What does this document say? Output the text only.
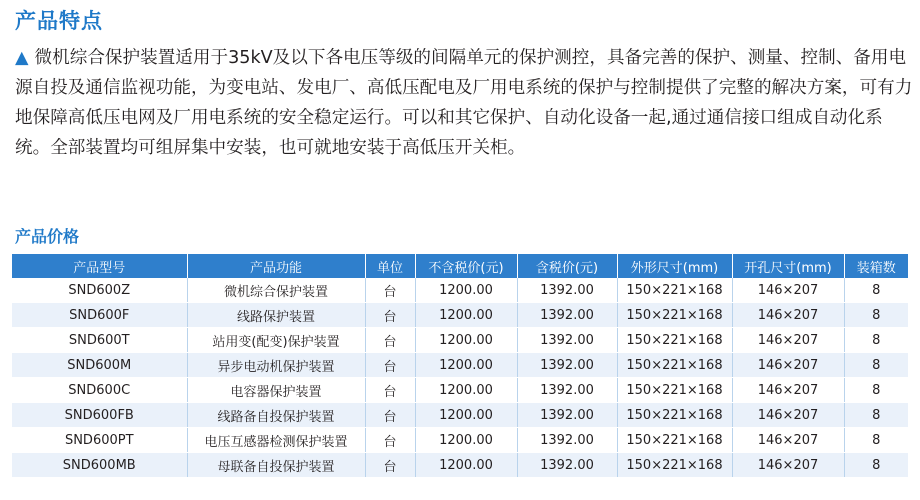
产品特点
▲ 微机综合保护装置适用于35kV及以下各电压等级的间隔单元的保护测控，具备完善的保护、测量、控制、备用电源自投及通信监视功能，为变电站、发电厂、高低压配电及厂用电系统的保护与控制提供了完整的解决方案，可有力地保障高低压电网及厂用电系统的安全稳定运行。可以和其它保护、自动化设备一起,通过通信接口组成自动化系统。全部装置均可组屏集中安装，也可就地安装于高低压开关柜。
产品价格
产品型号	产品功能	单位	不含税价(元)	含税价(元)	外形尺寸(mm)	开孔尺寸(mm)	装箱数
SND600Z	微机综合保护装置	台	1200.00	1392.00	150×221×168	146×207	8
SND600F	线路保护装置	台	1200.00	1392.00	150×221×168	146×207	8
SND600T	站用变(配变)保护装置	台	1200.00	1392.00	150×221×168	146×207	8
SND600M	异步电动机保护装置	台	1200.00	1392.00	150×221×168	146×207	8
SND600C	电容器保护装置	台	1200.00	1392.00	150×221×168	146×207	8
SND600FB	线路备自投保护装置	台	1200.00	1392.00	150×221×168	146×207	8
SND600PT	电压互感器检测保护装置	台	1200.00	1392.00	150×221×168	146×207	8
SND600MB	母联备自投保护装置	台	1200.00	1392.00	150×221×168	146×207	8
